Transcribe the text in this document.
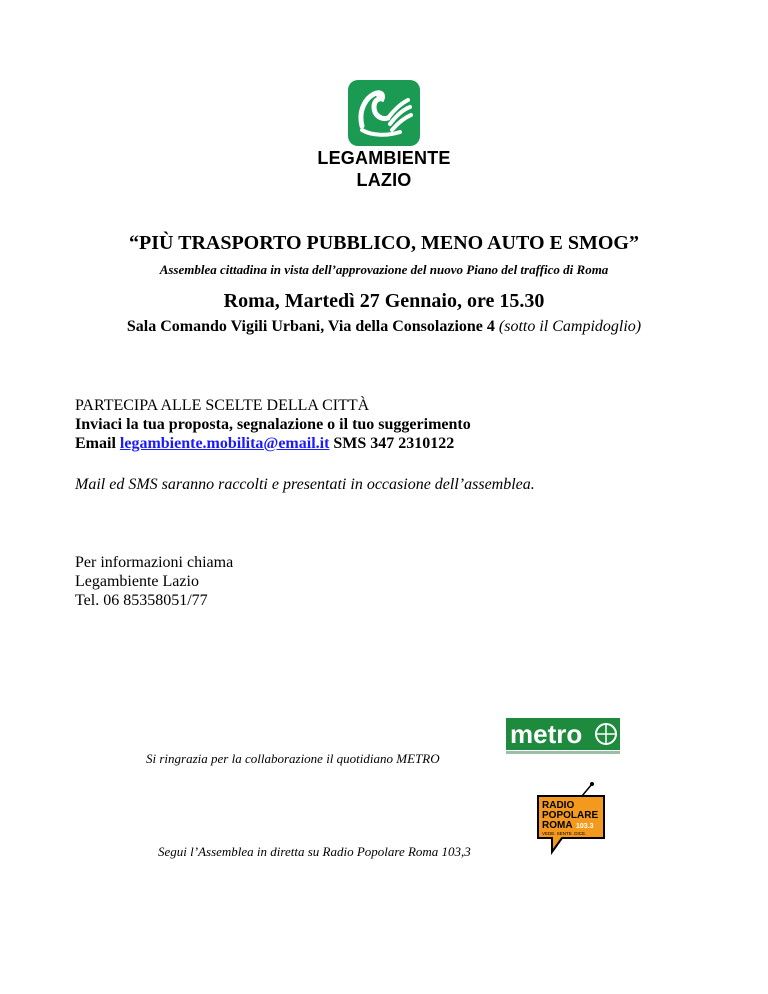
LEGAMBIENTE
LAZIO
“PIÙ TRASPORTO PUBBLICO, MENO AUTO E SMOG”
Assemblea cittadina in vista dell’approvazione del nuovo Piano del traffico di Roma
Roma, Martedì 27 Gennaio, ore 15.30
Sala Comando Vigili Urbani, Via della Consolazione 4 (sotto il Campidoglio)
PARTECIPA ALLE SCELTE DELLA CITTÀ
Inviaci la tua proposta, segnalazione o il tuo suggerimento
Email legambiente.mobilita@email.it SMS 347 2310122
Mail ed SMS saranno raccolti e presentati in occasione dell’assemblea.
Per informazioni chiama
Legambiente Lazio
Tel. 06 85358051/77
Si ringrazia per la collaborazione il quotidiano METRO
metro
RADIO
POPOLARE
ROMA 103.3
VEDE. SENTE. DICE.
Segui l’Assemblea in diretta su Radio Popolare Roma 103,3
